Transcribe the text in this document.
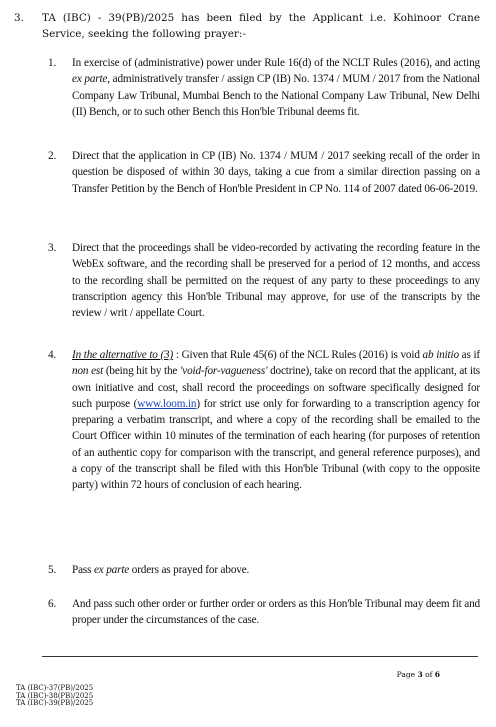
3. TA (IBC) - 39(PB)/2025 has been filed by the Applicant i.e. Kohinoor Crane Service, seeking the following prayer:-
1. In exercise of (administrative) power under Rule 16(d) of the NCLT Rules (2016), and acting ex parte, administratively transfer / assign CP (IB) No. 1374 / MUM / 2017 from the National Company Law Tribunal, Mumbai Bench to the National Company Law Tribunal, New Delhi (II) Bench, or to such other Bench this Hon'ble Tribunal deems fit.
2. Direct that the application in CP (IB) No. 1374 / MUM / 2017 seeking recall of the order in question be disposed of within 30 days, taking a cue from a similar direction passing on a Transfer Petition by the Bench of Hon'ble President in CP No. 114 of 2007 dated 06-06-2019.
3. Direct that the proceedings shall be video-recorded by activating the recording feature in the WebEx software, and the recording shall be preserved for a period of 12 months, and access to the recording shall be permitted on the request of any party to these proceedings to any transcription agency this Hon'ble Tribunal may approve, for use of the transcripts by the review / writ / appellate Court.
4. In the alternative to (3) : Given that Rule 45(6) of the NCL Rules (2016) is void ab initio as if non est (being hit by the 'void-for-vagueness' doctrine), take on record that the applicant, at its own initiative and cost, shall record the proceedings on software specifically designed for such purpose (www.loom.in) for strict use only for forwarding to a transcription agency for preparing a verbatim transcript, and where a copy of the recording shall be emailed to the Court Officer within 10 minutes of the termination of each hearing (for purposes of retention of an authentic copy for comparison with the transcript, and general reference purposes), and a copy of the transcript shall be filed with this Hon'ble Tribunal (with copy to the opposite party) within 72 hours of conclusion of each hearing.
5. Pass ex parte orders as prayed for above.
6. And pass such other order or further order or orders as this Hon'ble Tribunal may deem fit and proper under the circumstances of the case.
Page 3 of 6
TA (IBC)-37(PB)/2025
TA (IBC)-38(PB)/2025
TA (IBC)-39(PB)/2025
